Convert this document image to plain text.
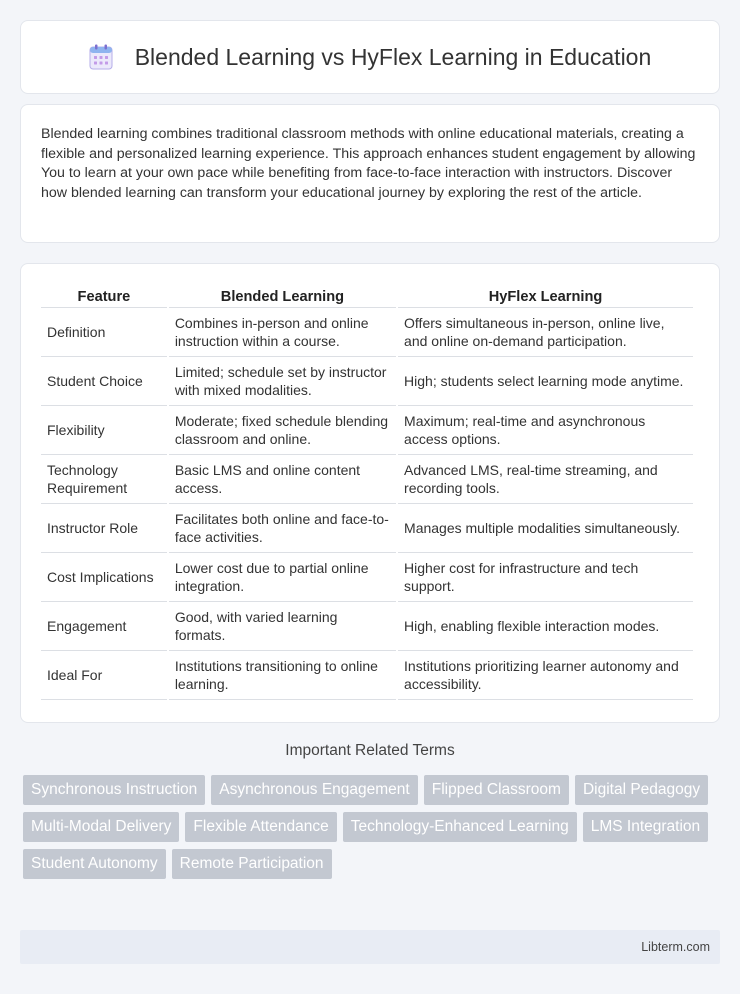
Blended Learning vs HyFlex Learning in Education

Blended learning combines traditional classroom methods with online educational materials, creating a flexible and personalized learning experience. This approach enhances student engagement by allowing You to learn at your own pace while benefiting from face-to-face interaction with instructors. Discover how blended learning can transform your educational journey by exploring the rest of the article.

Feature	Blended Learning	HyFlex Learning
Definition	Combines in-person and online instruction within a course.	Offers simultaneous in-person, online live, and online on-demand participation.
Student Choice	Limited; schedule set by instructor with mixed modalities.	High; students select learning mode anytime.
Flexibility	Moderate; fixed schedule blending classroom and online.	Maximum; real-time and asynchronous access options.
Technology Requirement	Basic LMS and online content access.	Advanced LMS, real-time streaming, and recording tools.
Instructor Role	Facilitates both online and face-to-face activities.	Manages multiple modalities simultaneously.
Cost Implications	Lower cost due to partial online integration.	Higher cost for infrastructure and tech support.
Engagement	Good, with varied learning formats.	High, enabling flexible interaction modes.
Ideal For	Institutions transitioning to online learning.	Institutions prioritizing learner autonomy and accessibility.
Important Related Terms
Synchronous Instruction	Asynchronous Engagement	Flipped Classroom	Digital Pedagogy
Multi-Modal Delivery	Flexible Attendance	Technology-Enhanced Learning	LMS Integration
Student Autonomy	Remote Participation
Libterm.com
